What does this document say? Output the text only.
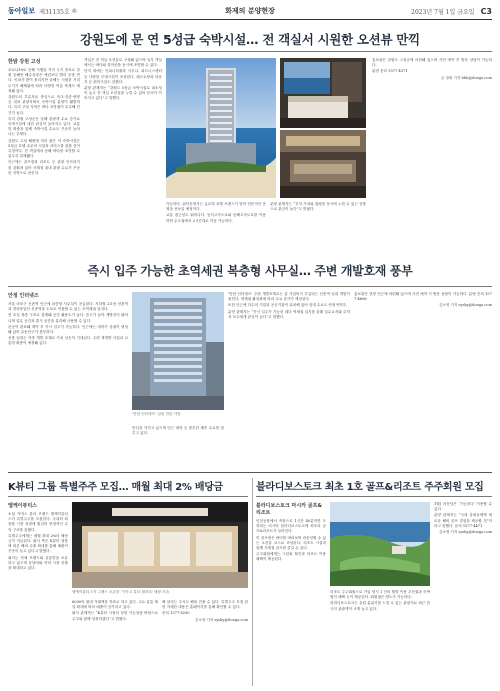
동아일보 제31135호 ⑥	화제의 분양현장	2023년 7월 1일 금요일 C3
강원도에 문 연 5성급 숙박시설… 전 객실서 시원한 오션뷰 만끽
한밤 강원 고성

코로나19로 인해 시행된 거리 두기 종료로 강원 동해안 해수욕장은 예년보다 빨리 문을 연다. 인파가 많이 몰리지만 올해는 시원한 거리 두기가 해제됨에 따라 다양한 여름 축제도 예정돼 있다.

강원도의 부유자들 중심으로 속초·강릉·양양 등 대표 관광지에서 숙박시설 분양이 활발하다. 특히 고성 지역은 바다 조망권이 우수해 인기가 높다.

특히 강원 고성군은 올해 관광객 수요 증가로 숙박시설에 대한 관심이 높아지고 있다. 교통망 확충과 함께 숙박시설 수요도 꾸준히 늘어나는 추세다.

강원도 고성 해변에 자리 잡은 이 숙박시설은 5성급 호텔 수준의 시설과 서비스를 갖춘 것이 특징이다. 전 객실에서 동해 바다를 조망할 수 있도록 설계됐다.

인근에는 골프장과 리조트 등 관광 인프라가 잘 갖춰져 있어 사계절 내내 관광 수요가 꾸준한 지역으로 꼽힌다.

객실은 전 객실 오션뷰로 구성돼 있으며 일부 객실에서는 바다와 설악산을 동시에 조망할 수 있다.

단지 내에는 인피니티풀과 사우나, 피트니스센터 등 다양한 부대시설이 조성된다. 레스토랑과 라운지 등 편의시설도 갖췄다.

분양 관계자는 “강원도 5성급 숙박시설로 희소성이 높고 전 객실 오션뷰를 누릴 수 있어 문의가 이어지고 있다”고 말했다.

가능하다. 위탁운영사는 글로벌 호텔 브랜드가 맡아 전문적인 운영을 선보일 예정이다.

교통 접근성도 뛰어나다. 동서고속도로와 동해고속도로를 이용하면 수도권에서 2시간대로 이동 가능하다.

분양 관계자는 “투자 가치와 휴양을 동시에 누릴 수 있는 상품으로 관심이 높다”고 밝혔다.

홍보관은 강원도 고성군에 마련돼 있으며 사전 예약 후 방문 상담이 가능하다.

분양 문의 1577-4371

글 정희 기자 hhh@donga.com
즉시 입주 가능한 초역세권 복층형 사무실… 주변 개발호재 풍부
안정 인터넷즈

서울 마포구 신촌역 인근에 복층형 사무실이 공급된다. 지하철 2호선 신촌역과 경의중앙선 신촌역을 도보로 이용할 수 있는 초역세권 입지다.

전 호실 복층 구조로 설계돼 공간 활용도가 높다. 층고가 높아 개방감이 뛰어나며 업무 공간과 휴식 공간을 분리해 사용할 수 있다.

준공이 완료돼 계약 후 즉시 입주가 가능하다. 인근에는 대학가 상권이 형성돼 있어 유동인구가 풍부하다.

신촌 일대는 각종 개발 호재로 가치 상승이 기대된다. 주변 재개발 사업과 교통망 확충이 예정돼 있다.

‘안암 인터넷즈’ 실물 견본 사진.

안심을 가지고 있으며 인근 대학 등 풍부한 배후 수요를 갖추고 있다.

‘안암 인터넷즈’ 주변 개발호재로는 총 사업비가 투입되는 신촌역 일대 개발이 꼽힌다. 역세권 활성화에 따라 수요 증가가 예상된다.

또한 인근에 다수의 기업과 공공기관이 위치해 있어 임대 수요도 안정적이다.

분양 관계자는 “즉시 입주가 가능한 데다 역세권 입지를 갖춰 실수요자와 투자자 모두에게 관심이 높다”고 말했다.

홍보관은 현장 인근에 마련돼 있으며 사전 예약 시 방문 상담이 가능하다. 분양 문의 1577-4696

김소영 기자 sysky@donga.com
K뷰티 그룹 특별주주 모집… 매월 최대 2% 배당금
엘케이뷰티스

소셜 커머스 뷰티 브랜드 엘케이뷰티스가 특별주주를 모집한다. 국내외 화장품 시장 성장에 힘입어 안정적인 수익 구조를 갖췄다.

특별주주에게는 매월 최대 2%의 배당금이 지급된다. 회사 측은 K뷰티 열풍에 따른 해외 수출 확대를 통해 매출이 꾸준히 늘고 있다고 밝혔다.

회사는 자체 브랜드와 유통망을 보유하고 있으며 동남아와 북미 시장 진출을 확대하고 있다.

엘케이뷰티스가 그랜드 오픈한 ‘시카고 뷰티 갤러리’ 매장 모습.

6000억 원대 거래액을 목표로 하고 있다. 주요 유통 채널 확대에 따라 매출이 증가하고 있다.

회사 관계자는 “K뷰티 시장의 성장 가능성을 바탕으로 주주와 함께 성장하겠다”고 밝혔다.

해 알리는 주식도 해외 진출 수 있다. 특별주주 모집 관련 자세한 내용은 홈페이지를 통해 확인할 수 있다.

문의 1577-8230

김소영 기자 sysky@donga.com
블라디보스토크 최초 1호 골프&리조트 주주회원 모집
블라디보스토크 마시카 골프&리조트

인천공항에서 직항으로 1시간 40분이면 도착하는 러시아 블라디보스토크에 최초의 골프&리조트가 들어선다.

이 골프장은 바다를 바라보며 라운딩할 수 있는 오션뷰 코스로 조성된다. 리조트 시설과 함께 사계절 골프를 즐길 수 있다.

주주회원에게는 그린피 할인과 리조트 이용 혜택이 제공된다.

1월) 라운딩은 ‘가능한다’ 이용할 수 있다.

분양 관계자는 “국내 골퍼들에게 새로운 해외 골프 경험을 제공할 것”이라고 말했다. 문의 1577-4471

김소영 기자 sysky@donga.com

리조트 주주회원으로 가입 당시 1 인의 월별 이용 우선권과 숙박 할인 혜택 등이 제공된다. 회원권은 양도가 가능하다.

블라디보스토크는 유럽 분위기를 느낄 수 있는 관광지로 최근 한국인 관광객이 크게 늘고 있다.
